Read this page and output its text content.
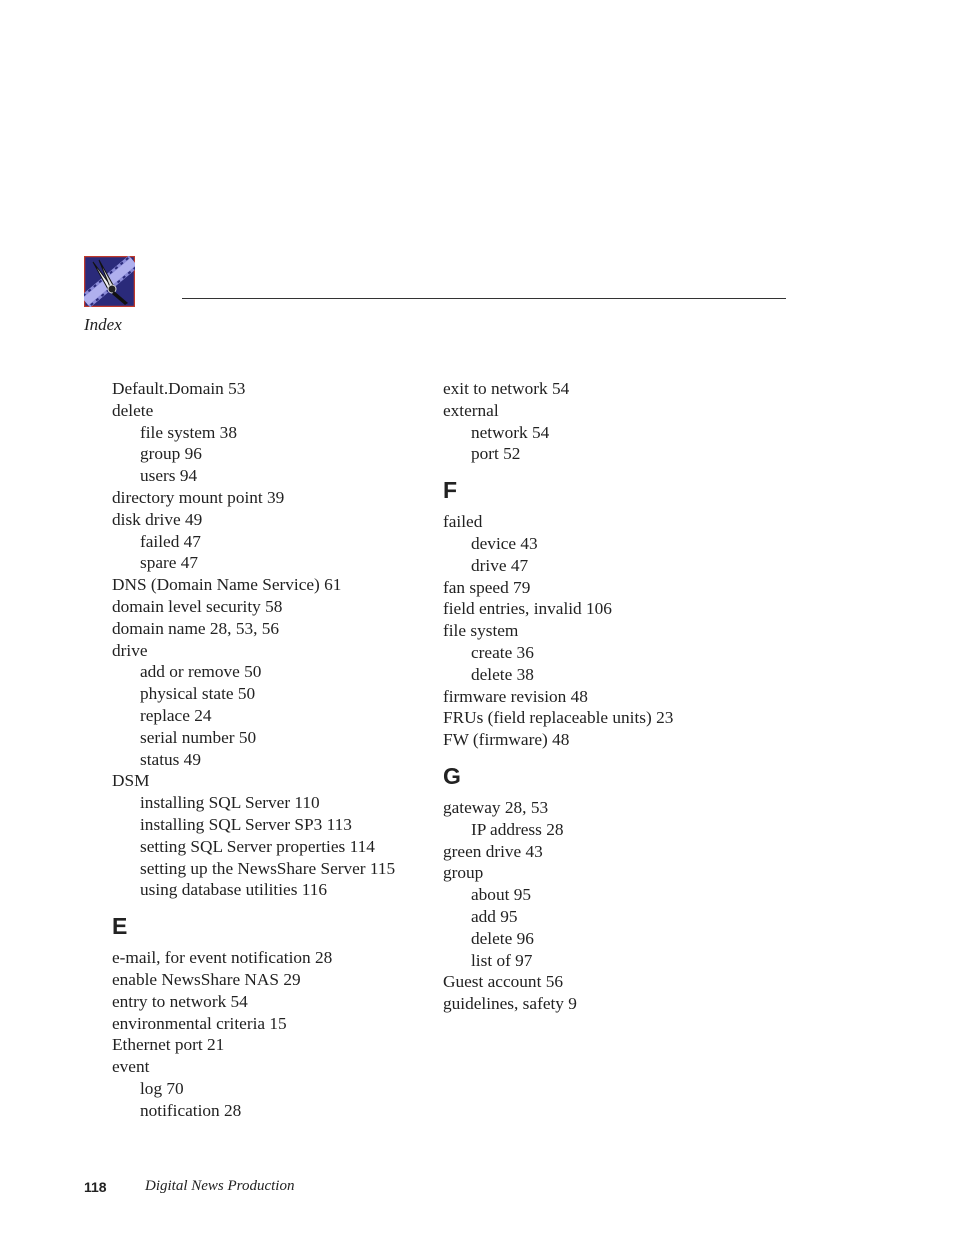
Index
Default.Domain 53
delete
file system 38
group 96
users 94
directory mount point 39
disk drive 49
failed 47
spare 47
DNS (Domain Name Service) 61
domain level security 58
domain name 28, 53, 56
drive
add or remove 50
physical state 50
replace 24
serial number 50
status 49
DSM
installing SQL Server 110
installing SQL Server SP3 113
setting SQL Server properties 114
setting up the NewsShare Server 115
using database utilities 116
E
e-mail, for event notification 28
enable NewsShare NAS 29
entry to network 54
environmental criteria 15
Ethernet port 21
event
log 70
notification 28
exit to network 54
external
network 54
port 52
F
failed
device 43
drive 47
fan speed 79
field entries, invalid 106
file system
create 36
delete 38
firmware revision 48
FRUs (field replaceable units) 23
FW (firmware) 48
G
gateway 28, 53
IP address 28
green drive 43
group
about 95
add 95
delete 96
list of 97
Guest account 56
guidelines, safety 9
118	Digital News Production
